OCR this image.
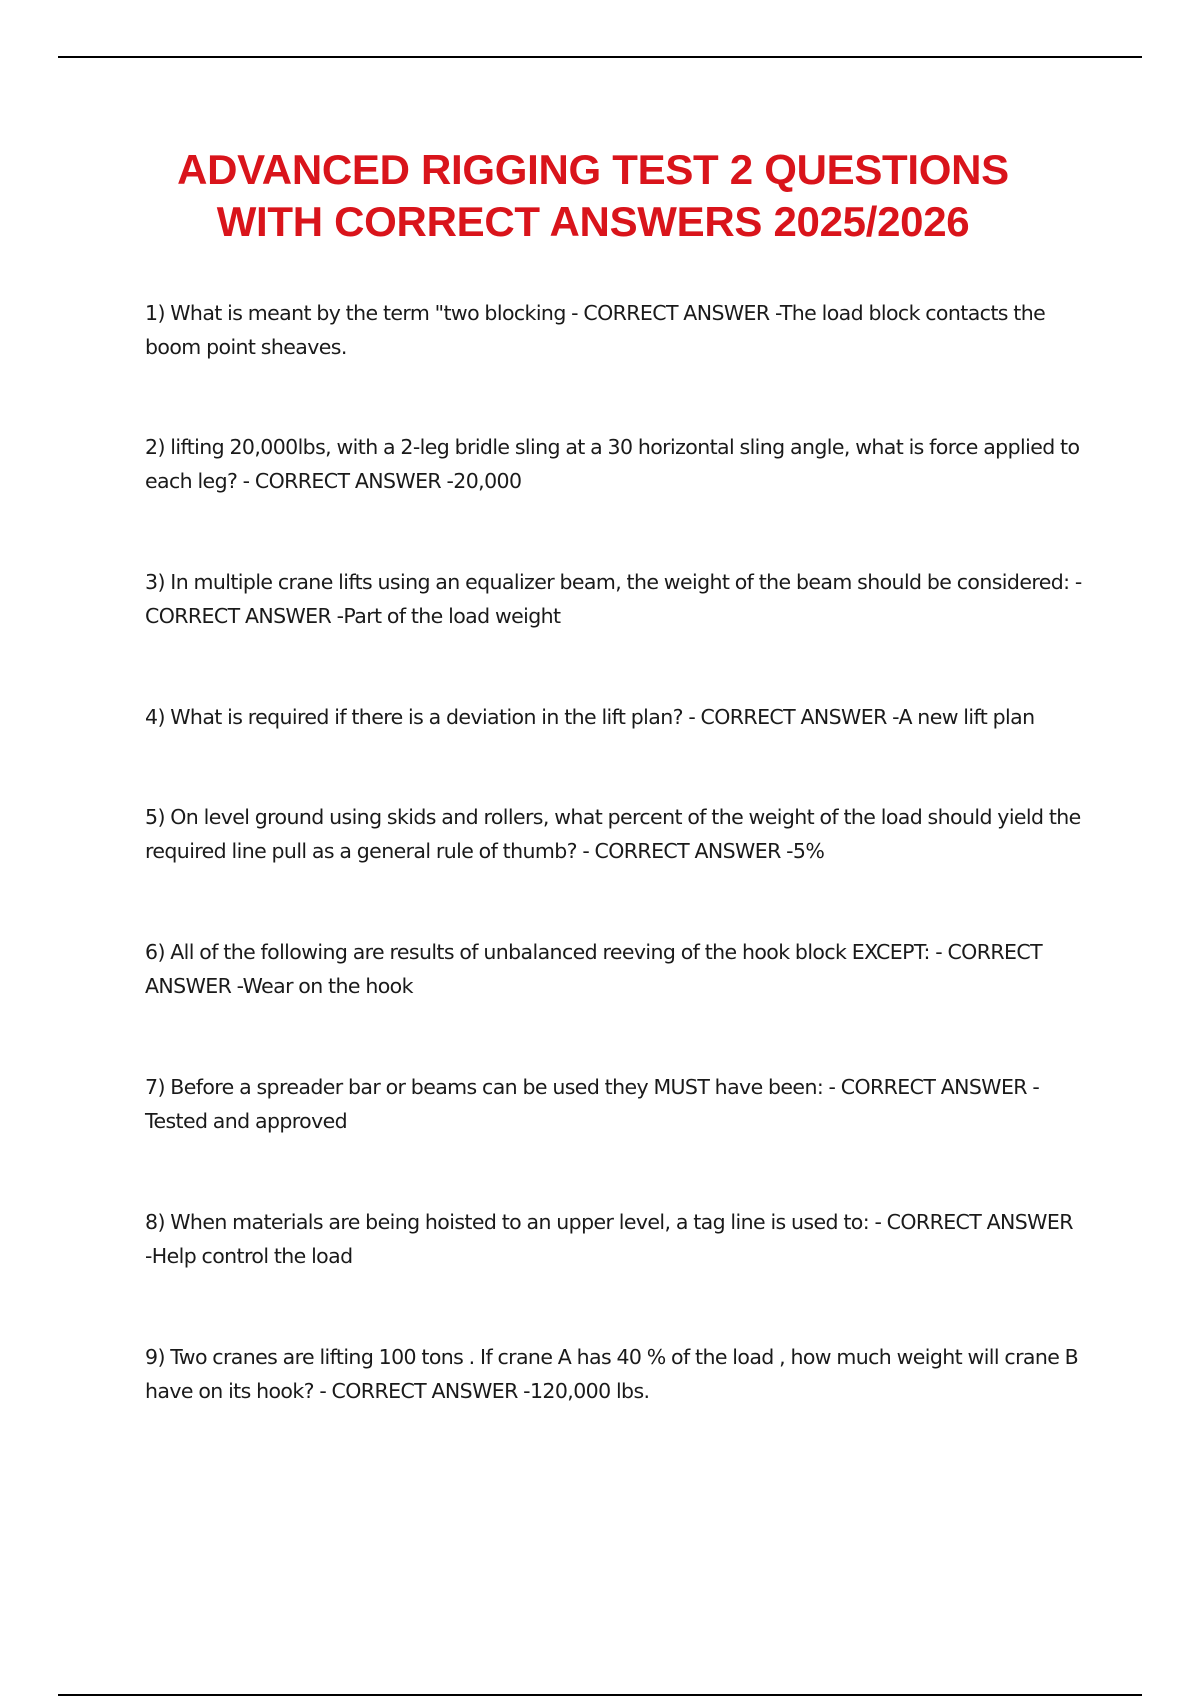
ADVANCED RIGGING TEST 2 QUESTIONS
WITH CORRECT ANSWERS 2025/2026
1) What is meant by the term "two blocking - CORRECT ANSWER -The load block contacts the boom point sheaves.
2) lifting 20,000lbs, with a 2-leg bridle sling at a 30 horizontal sling angle, what is force applied to each leg? - CORRECT ANSWER -20,000
3) In multiple crane lifts using an equalizer beam, the weight of the beam should be considered: - CORRECT ANSWER -Part of the load weight
4) What is required if there is a deviation in the lift plan? - CORRECT ANSWER -A new lift plan
5) On level ground using skids and rollers, what percent of the weight of the load should yield the required line pull as a general rule of thumb? - CORRECT ANSWER -5%
6) All of the following are results of unbalanced reeving of the hook block EXCEPT: - CORRECT ANSWER -Wear on the hook
7) Before a spreader bar or beams can be used they MUST have been: - CORRECT ANSWER -Tested and approved
8) When materials are being hoisted to an upper level, a tag line is used to: - CORRECT ANSWER -Help control the load
9) Two cranes are lifting 100 tons . If crane A has 40 % of the load , how much weight will crane B have on its hook? - CORRECT ANSWER -120,000 lbs.
